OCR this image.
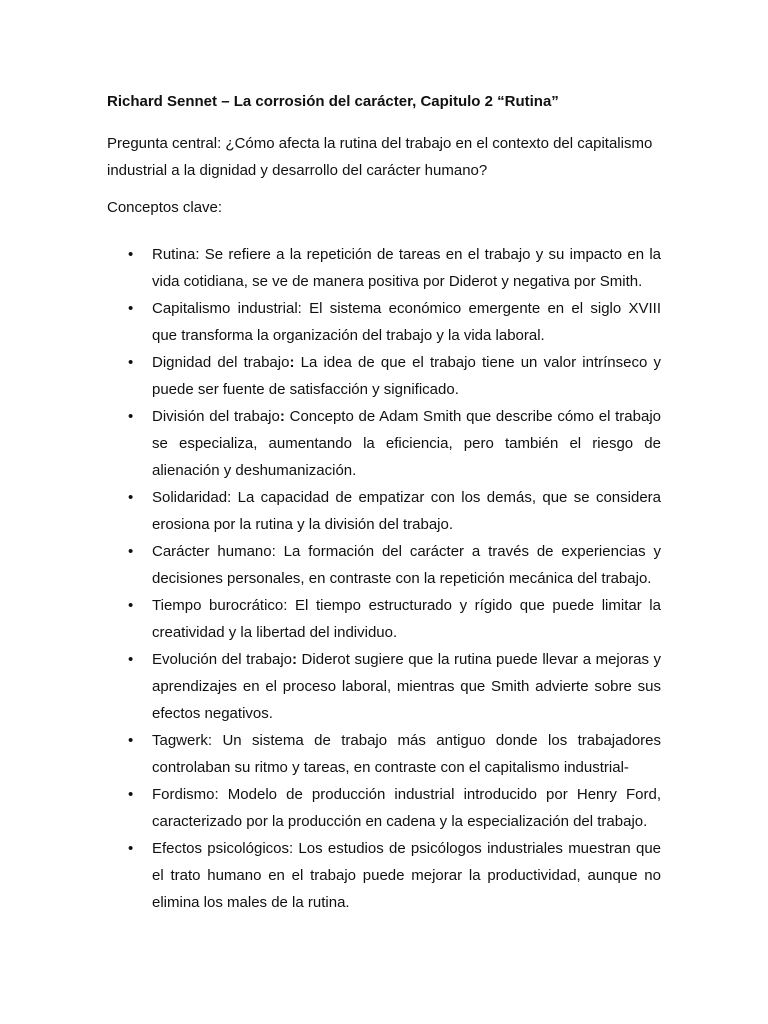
Richard Sennet – La corrosión del carácter, Capitulo 2 “Rutina”
Pregunta central: ¿Cómo afecta la rutina del trabajo en el contexto del capitalismo industrial a la dignidad y desarrollo del carácter humano?
Conceptos clave:
• Rutina: Se refiere a la repetición de tareas en el trabajo y su impacto en la vida cotidiana, se ve de manera positiva por Diderot y negativa por Smith.
• Capitalismo industrial: El sistema económico emergente en el siglo XVIII que transforma la organización del trabajo y la vida laboral.
• Dignidad del trabajo: La idea de que el trabajo tiene un valor intrínseco y puede ser fuente de satisfacción y significado.
• División del trabajo: Concepto de Adam Smith que describe cómo el trabajo se especializa, aumentando la eficiencia, pero también el riesgo de alienación y deshumanización.
• Solidaridad: La capacidad de empatizar con los demás, que se considera erosiona por la rutina y la división del trabajo.
• Carácter humano: La formación del carácter a través de experiencias y decisiones personales, en contraste con la repetición mecánica del trabajo.
• Tiempo burocrático: El tiempo estructurado y rígido que puede limitar la creatividad y la libertad del individuo.
• Evolución del trabajo: Diderot sugiere que la rutina puede llevar a mejoras y aprendizajes en el proceso laboral, mientras que Smith advierte sobre sus efectos negativos.
• Tagwerk: Un sistema de trabajo más antiguo donde los trabajadores controlaban su ritmo y tareas, en contraste con el capitalismo industrial-
• Fordismo: Modelo de producción industrial introducido por Henry Ford, caracterizado por la producción en cadena y la especialización del trabajo.
• Efectos psicológicos: Los estudios de psicólogos industriales muestran que el trato humano en el trabajo puede mejorar la productividad, aunque no elimina los males de la rutina.
